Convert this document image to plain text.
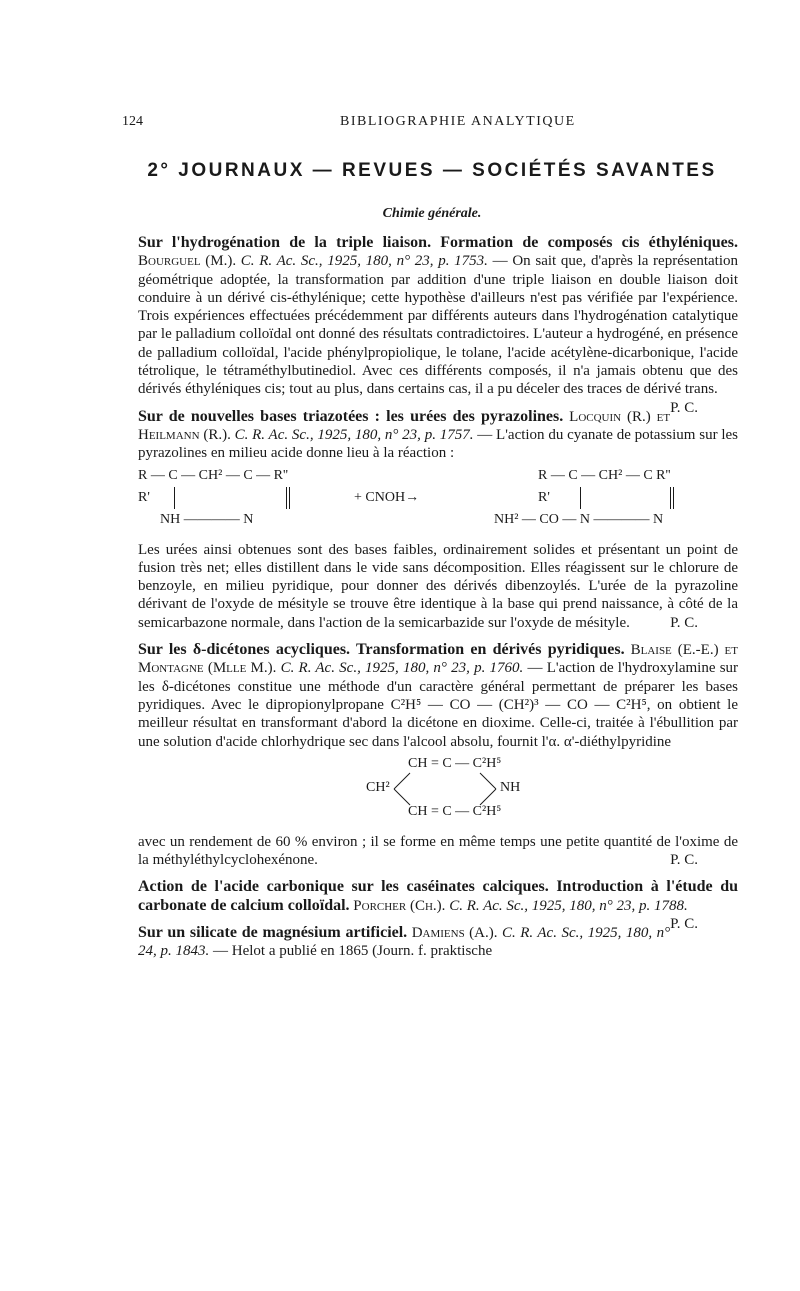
124	BIBLIOGRAPHIE ANALYTIQUE
2° JOURNAUX — REVUES — SOCIÉTÉS SAVANTES
Chimie générale.
Sur l'hydrogénation de la triple liaison. Formation de composés cis éthyléniques. Bourguel (M.). C. R. Ac. Sc., 1925, 180, n° 23, p. 1753. — On sait que, d'après la représentation géométrique adoptée, la transformation par addition d'une triple liaison en double liaison doit conduire à un dérivé cis-éthylénique; cette hypothèse d'ailleurs n'est pas vérifiée par l'expérience. Trois expériences effectuées précédemment par différents auteurs dans l'hydrogénation catalytique par le palladium colloïdal ont donné des résultats contradictoires. L'auteur a hydrogéné, en présence de palladium colloïdal, l'acide phénylpropiolique, le tolane, l'acide acétylène-dicarbonique, l'acide tétrolique, le tétraméthylbutinediol. Avec ces différents composés, il n'a jamais obtenu que des dérivés éthyléniques cis; tout au plus, dans certains cas, il a pu déceler des traces de dérivé trans.
P. C.
Sur de nouvelles bases triazotées : les urées des pyrazolines. Locquin (R.) et Heilmann (R.). C. R. Ac. Sc., 1925, 180, n° 23, p. 1757. — L'action du cyanate de potassium sur les pyrazolines en milieu acide donne lieu à la réaction :
R — C — CH² — C — R''
R'
NH ———— N
+ CNOH→
R — C — CH² — C R''
R'
NH² — CO — N ———— N
Les urées ainsi obtenues sont des bases faibles, ordinairement solides et présentant un point de fusion très net; elles distillent dans le vide sans décomposition. Elles réagissent sur le chlorure de benzoyle, en milieu pyridique, pour donner des dérivés dibenzoylés. L'urée de la pyrazoline dérivant de l'oxyde de mésityle se trouve être identique à la base qui prend naissance, à côté de la semicarbazone normale, dans l'action de la semicarbazide sur l'oxyde de mésityle.	P. C.
Sur les δ-dicétones acycliques. Transformation en dérivés pyridiques. Blaise (E.-E.) et Montagne (Mlle M.). C. R. Ac. Sc., 1925, 180, n° 23, p. 1760. — L'action de l'hydroxylamine sur les δ-dicétones constitue une méthode d'un caractère général permettant de préparer les bases pyridiques. Avec le dipropionylpropane C²H⁵ — CO — (CH²)³ — CO — C²H⁵, on obtient le meilleur résultat en transformant d'abord la dicétone en dioxime. Celle-ci, traitée à l'ébullition par une solution d'acide chlorhydrique sec dans l'alcool absolu, fournit l'α. α'-diéthylpyridine
CH = C — C²H⁵
CH²	NH
CH = C — C²H⁵
avec un rendement de 60 % environ ; il se forme en même temps une petite quantité de l'oxime de la méthyléthylcyclohexénone.	P. C.
Action de l'acide carbonique sur les caséinates calciques. Introduction à l'étude du carbonate de calcium colloïdal. Porcher (Ch.). C. R. Ac. Sc., 1925, 180, n° 23, p. 1788.
P. C.
Sur un silicate de magnésium artificiel. Damiens (A.). C. R. Ac. Sc., 1925, 180, n° 24, p. 1843. — Helot a publié en 1865 (Journ. f. praktische
